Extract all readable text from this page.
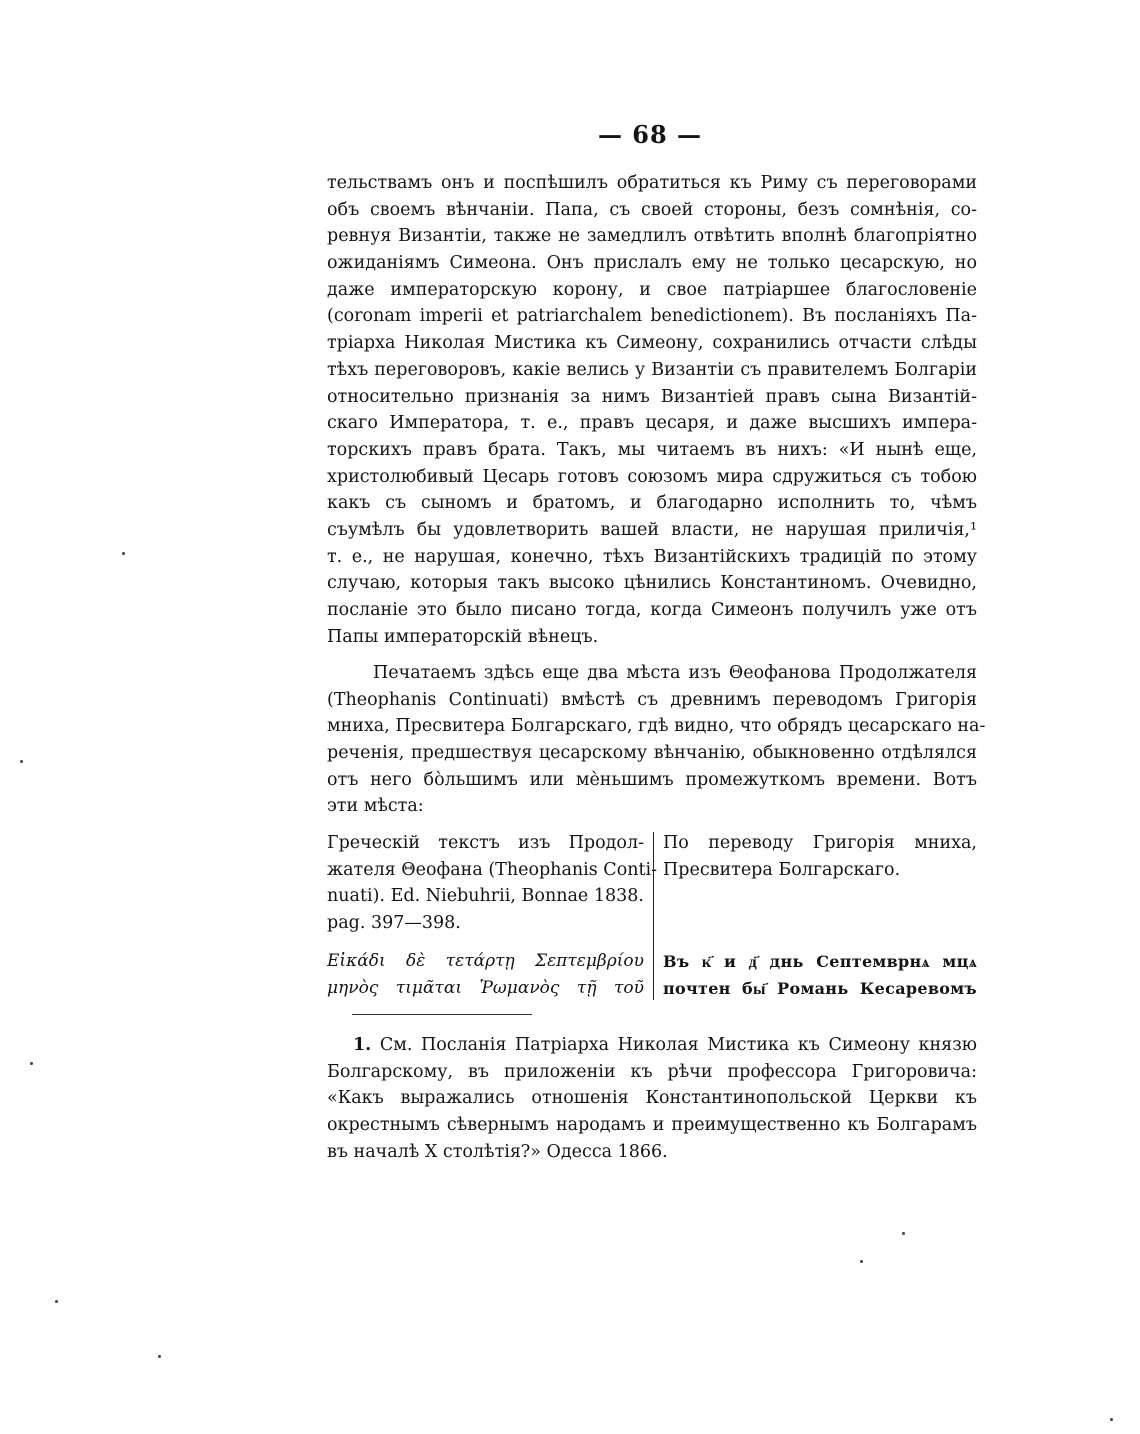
— 68 —
тельствамъ онъ и поспѣшилъ обратиться къ Риму съ переговорами
объ своемъ вѣнчаніи. Папа, съ своей стороны, безъ сомнѣнія, со-
ревнуя Византіи, также не замедлилъ отвѣтить вполнѣ благопріятно
ожиданіямъ Симеона. Онъ прислалъ ему не только цесарскую, но
даже императорскую корону, и свое патріаршее благословеніе
(coronam imperii et patriarchalem benedictionem). Въ посланіяхъ Па-
тріарха Николая Мистика къ Симеону, сохранились отчасти слѣды
тѣхъ переговоровъ, какіе велись у Византіи съ правителемъ Болгаріи
относительно признанія за нимъ Византіей правъ сына Византій-
скаго Императора, т. е., правъ цесаря, и даже высшихъ импера-
торскихъ правъ брата. Такъ, мы читаемъ въ нихъ: «И нынѣ еще,
христолюбивый Цесарь готовъ союзомъ мира сдружиться съ тобою
какъ съ сыномъ и братомъ, и благодарно исполнить то, чѣмъ
съумѣлъ бы удовлетворить вашей власти, не нарушая приличія,¹
т. е., не нарушая, конечно, тѣхъ Византійскихъ традицій по этому
случаю, которыя такъ высоко цѣнились Константиномъ. Очевидно,
посланіе это было писано тогда, когда Симеонъ получилъ уже отъ
Папы императорскій вѣнецъ.
Печатаемъ здѣсь еще два мѣста изъ Θеофанова Продолжателя
(Theophanis Continuati) вмѣстѣ съ древнимъ переводомъ Григорія
мниха, Пресвитера Болгарскаго, гдѣ видно, что обрядъ цесарскаго на-
реченія, предшествуя цесарскому вѣнчанію, обыкновенно отдѣлялся
отъ него бо̀льшимъ или мѐньшимъ промежуткомъ времени. Вотъ
эти мѣста:
Греческій текстъ изъ Продол-
жателя Θеофана (Theophanis Conti-
nuati). Ed. Niebuhrii, Bonnae 1838.
pag. 397—398.
По переводу Григорія мниха,
Пресвитера Болгарскаго.
Εἰκάδι δὲ τετάρτῃ Σεπτεμβρίου
μηνὸς τιμᾶται Ῥωμανὸς τῇ τοῦ
Въ к҃ и д҃ днь Септемврнѧ мцѧ
почтен бы҃ Романь Кесаревомъ
1. См. Посланія Патріарха Николая Мистика къ Симеону князю
Болгарскому, въ приложеніи къ рѣчи профессора Григоровича:
«Какъ выражались отношенія Константинопольской Церкви къ
окрестнымъ сѣвернымъ народамъ и преимущественно къ Болгарамъ
въ началѣ X столѣтія?» Одесса 1866.
